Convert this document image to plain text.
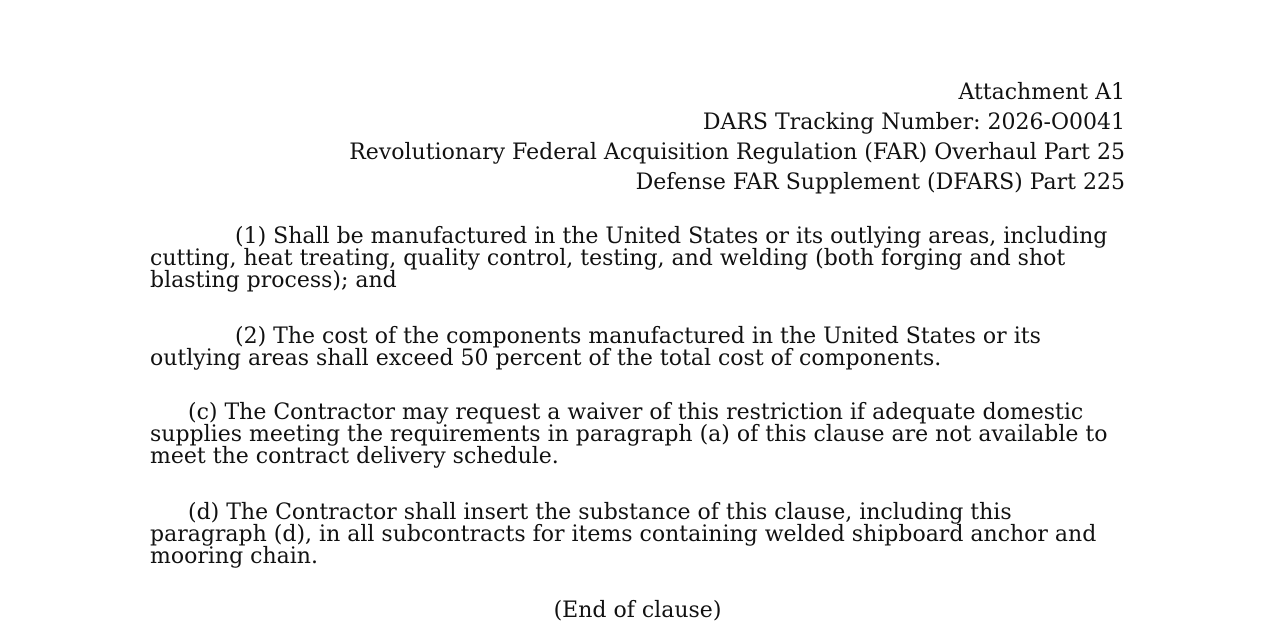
Attachment A1
DARS Tracking Number: 2026-O0041
Revolutionary Federal Acquisition Regulation (FAR) Overhaul Part 25
Defense FAR Supplement (DFARS) Part 225
(1) Shall be manufactured in the United States or its outlying areas, including
cutting, heat treating, quality control, testing, and welding (both forging and shot
blasting process); and
(2) The cost of the components manufactured in the United States or its
outlying areas shall exceed 50 percent of the total cost of components.
(c) The Contractor may request a waiver of this restriction if adequate domestic
supplies meeting the requirements in paragraph (a) of this clause are not available to
meet the contract delivery schedule.
(d) The Contractor shall insert the substance of this clause, including this
paragraph (d), in all subcontracts for items containing welded shipboard anchor and
mooring chain.
(End of clause)
